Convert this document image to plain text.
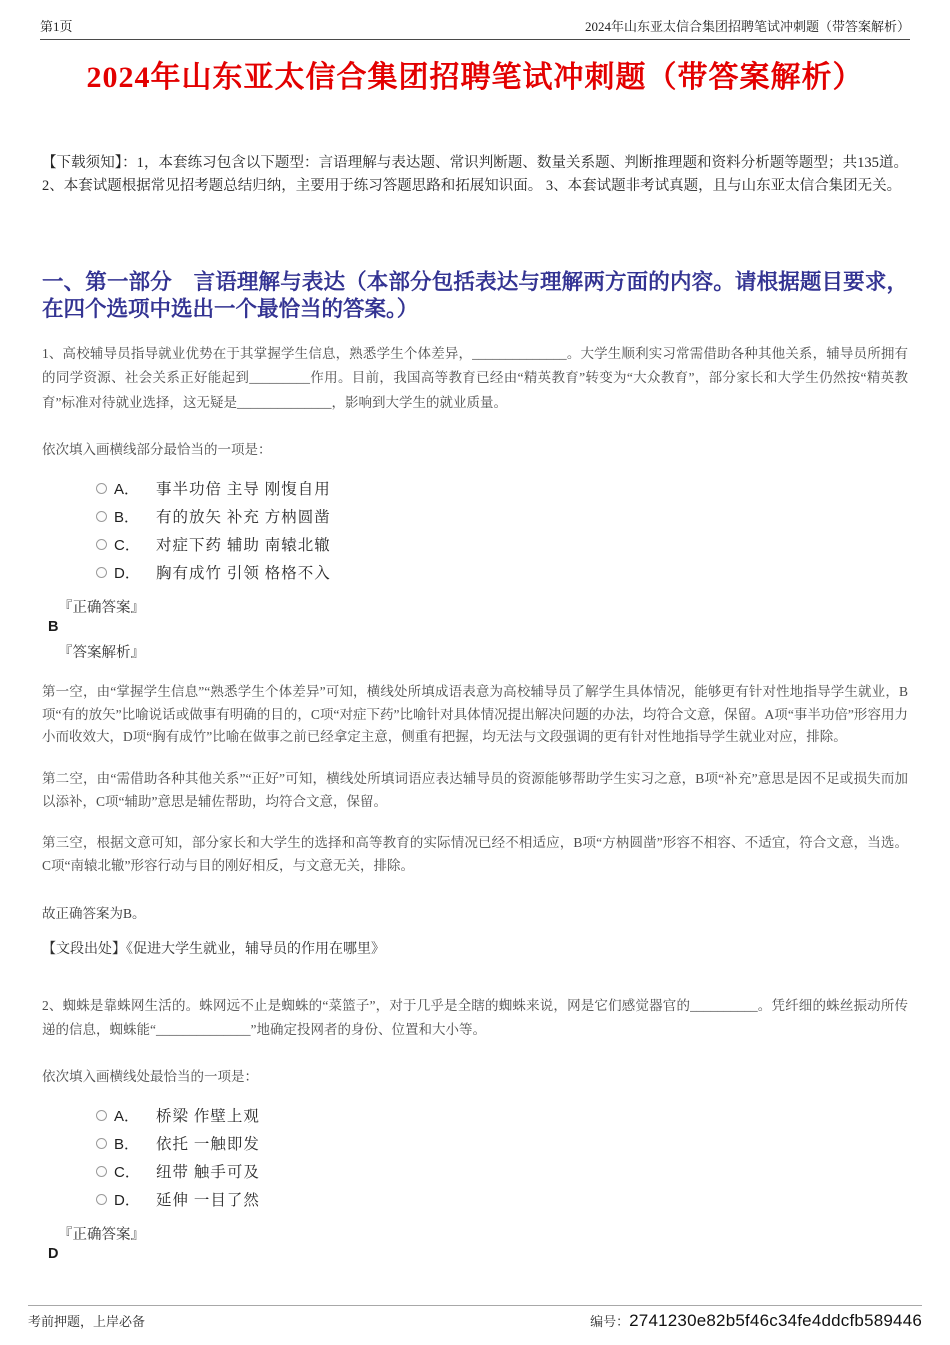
第1页	2024年山东亚太信合集团招聘笔试冲刺题（带答案解析）
2024年山东亚太信合集团招聘笔试冲刺题（带答案解析）

【下载须知】：1，本套练习包含以下题型：言语理解与表达题、常识判断题、数量关系题、判断推理题和资料分析题等题型；共135道。 2、本套试题根据常见招考题总结归纳，主要用于练习答题思路和拓展知识面。 3、本套试题非考试真题，且与山东亚太信合集团无关。

一、第一部分　言语理解与表达（本部分包括表达与理解两方面的内容。请根据题目要求，在四个选项中选出一个最恰当的答案。）

1、高校辅导员指导就业优势在于其掌握学生信息，熟悉学生个体差异，______________。大学生顺利实习常需借助各种其他关系，辅导员所拥有的同学资源、社会关系正好能起到_________作用。目前，我国高等教育已经由“精英教育”转变为“大众教育”，部分家长和大学生仍然按“精英教育”标准对待就业选择，这无疑是______________，影响到大学生的就业质量。

依次填入画横线部分最恰当的一项是：

A．	事半功倍 主导 刚愎自用
B．	有的放矢 补充 方枘圆凿
C．	对症下药 辅助 南辕北辙
D．	胸有成竹 引领 格格不入
『正确答案』
B
『答案解析』

第一空，由“掌握学生信息”“熟悉学生个体差异”可知，横线处所填成语表意为高校辅导员了解学生具体情况，能够更有针对性地指导学生就业，B项“有的放矢”比喻说话或做事有明确的目的，C项“对症下药”比喻针对具体情况提出解决问题的办法，均符合文意，保留。A项“事半功倍”形容用力小而收效大，D项“胸有成竹”比喻在做事之前已经拿定主意，侧重有把握，均无法与文段强调的更有针对性地指导学生就业对应，排除。

第二空，由“需借助各种其他关系”“正好”可知，横线处所填词语应表达辅导员的资源能够帮助学生实习之意，B项“补充”意思是因不足或损失而加以添补，C项“辅助”意思是辅佐帮助，均符合文意，保留。

第三空，根据文意可知，部分家长和大学生的选择和高等教育的实际情况已经不相适应，B项“方枘圆凿”形容不相容、不适宜，符合文意，当选。C项“南辕北辙”形容行动与目的刚好相反，与文意无关，排除。

故正确答案为B。

【文段出处】《促进大学生就业，辅导员的作用在哪里》

2、蜘蛛是靠蛛网生活的。蛛网远不止是蜘蛛的“菜篮子”，对于几乎是全瞎的蜘蛛来说，网是它们感觉器官的__________。凭纤细的蛛丝振动所传递的信息，蜘蛛能“______________”地确定投网者的身份、位置和大小等。

依次填入画横线处最恰当的一项是：

A．	桥梁 作壁上观
B．	依托 一触即发
C．	纽带 触手可及
D．	延伸 一目了然
『正确答案』
D
考前押题，上岸必备	编号： 2741230e82b5f46c34fe4ddcfb589446
